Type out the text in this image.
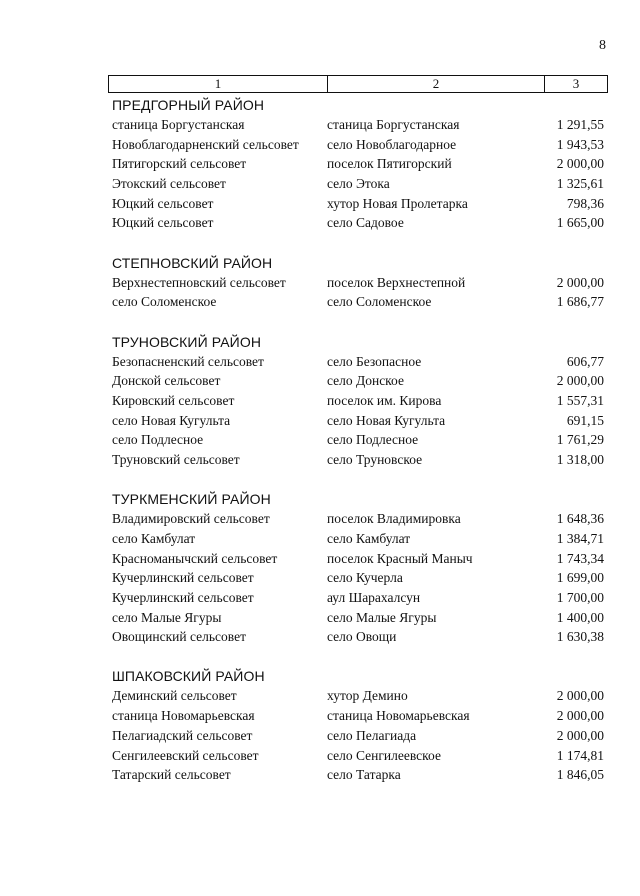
8
1	2	3
ПРЕДГОРНЫЙ РАЙОН
станица Боргустанская	станица Боргустанская	1 291,55
Новоблагодарненский сельсовет	село Новоблагодарное	1 943,53
Пятигорский сельсовет	поселок Пятигорский	2 000,00
Этокский сельсовет	село Этока	1 325,61
Юцкий сельсовет	хутор Новая Пролетарка	798,36
Юцкий сельсовет	село Садовое	1 665,00
СТЕПНОВСКИЙ РАЙОН
Верхнестепновский сельсовет	поселок Верхнестепной	2 000,00
село Соломенское	село Соломенское	1 686,77
ТРУНОВСКИЙ РАЙОН
Безопасненский сельсовет	село Безопасное	606,77
Донской сельсовет	село Донское	2 000,00
Кировский сельсовет	поселок им. Кирова	1 557,31
село Новая Кугульта	село Новая Кугульта	691,15
село Подлесное	село Подлесное	1 761,29
Труновский сельсовет	село Труновское	1 318,00
ТУРКМЕНСКИЙ РАЙОН
Владимировский сельсовет	поселок Владимировка	1 648,36
село Камбулат	село Камбулат	1 384,71
Красноманычский сельсовет	поселок Красный Маныч	1 743,34
Кучерлинский сельсовет	село Кучерла	1 699,00
Кучерлинский сельсовет	аул Шарахалсун	1 700,00
село Малые Ягуры	село Малые Ягуры	1 400,00
Овощинский сельсовет	село Овощи	1 630,38
ШПАКОВСКИЙ РАЙОН
Деминский сельсовет	хутор Демино	2 000,00
станица Новомарьевская	станица Новомарьевская	2 000,00
Пелагиадский сельсовет	село Пелагиада	2 000,00
Сенгилеевский сельсовет	село Сенгилеевское	1 174,81
Татарский сельсовет	село Татарка	1 846,05
